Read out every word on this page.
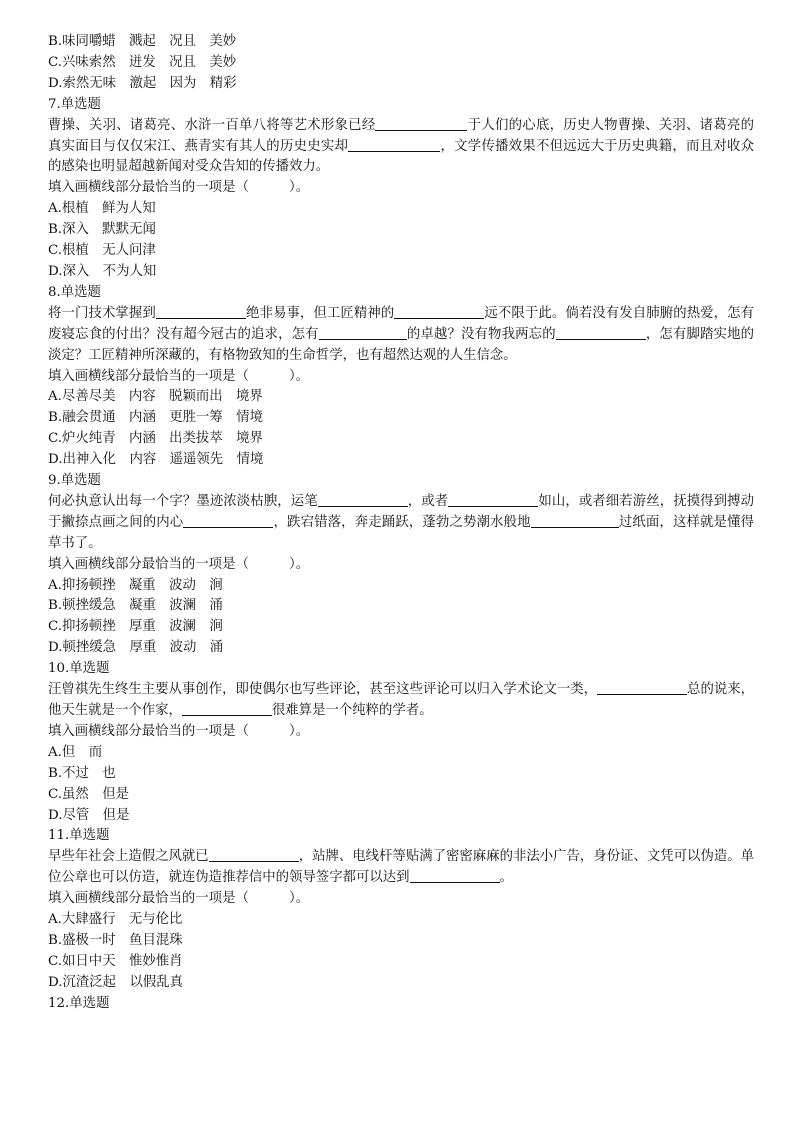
B.味同嚼蜡　溅起　况且　美妙
C.兴味索然　迸发　况且　美妙
D.索然无味　激起　因为　精彩
7.单选题
曹操、关羽、诸葛亮、水浒一百单八将等艺术形象已经	于人们的心底，历史人物曹操、关羽、诸葛亮的真实面目与仅仅宋江、燕青实有其人的历史史实却	，文学传播效果不但远远大于历史典籍，而且对收众的感染也明显超越新闻对受众告知的传播效力。
填入画横线部分最恰当的一项是（　　　）。
A.根植　鲜为人知
B.深入　默默无闻
C.根植　无人问津
D.深入　不为人知
8.单选题
将一门技术掌握到	绝非易事，但工匠精神的	远不限于此。倘若没有发自肺腑的热爱，怎有废寝忘食的付出？没有超今冠古的追求，怎有	的卓越？没有物我两忘的	，怎有脚踏实地的淡定？工匠精神所深藏的，有格物致知的生命哲学，也有超然达观的人生信念。
填入画横线部分最恰当的一项是（　　　）。
A.尽善尽美　内容　脱颖而出　境界
B.融会贯通　内涵　更胜一筹　情境
C.炉火纯青　内涵　出类拔萃　境界
D.出神入化　内容　遥遥领先　情境
9.单选题
何必执意认出每一个字？墨迹浓淡枯腴，运笔	，或者	如山，或者细若游丝，抚摸得到搏动于撇捺点画之间的内心	，跌宕错落，奔走踊跃，蓬勃之势潮水般地	过纸面，这样就是懂得草书了。
填入画横线部分最恰当的一项是（　　　）。
A.抑扬顿挫　凝重　波动　涧
B.顿挫缓急　凝重　波澜　涌
C.抑扬顿挫　厚重　波澜　涧
D.顿挫缓急　厚重　波动　涌
10.单选题
汪曾祺先生终生主要从事创作，即使偶尔也写些评论，甚至这些评论可以归入学术论文一类，	总的说来，他天生就是一个作家，	很难算是一个纯粹的学者。
填入画横线部分最恰当的一项是（　　　）。
A.但　而
B.不过　也
C.虽然　但是
D.尽管　但是
11.单选题
早些年社会上造假之风就已	，站牌、电线杆等贴满了密密麻麻的非法小广告，身份证、文凭可以伪造。单位公章也可以仿造，就连伪造推荐信中的领导签字都可以达到	。
填入画横线部分最恰当的一项是（　　　）。
A.大肆盛行　无与伦比
B.盛极一时　鱼目混珠
C.如日中天　惟妙惟肖
D.沉渣泛起　以假乱真
12.单选题
